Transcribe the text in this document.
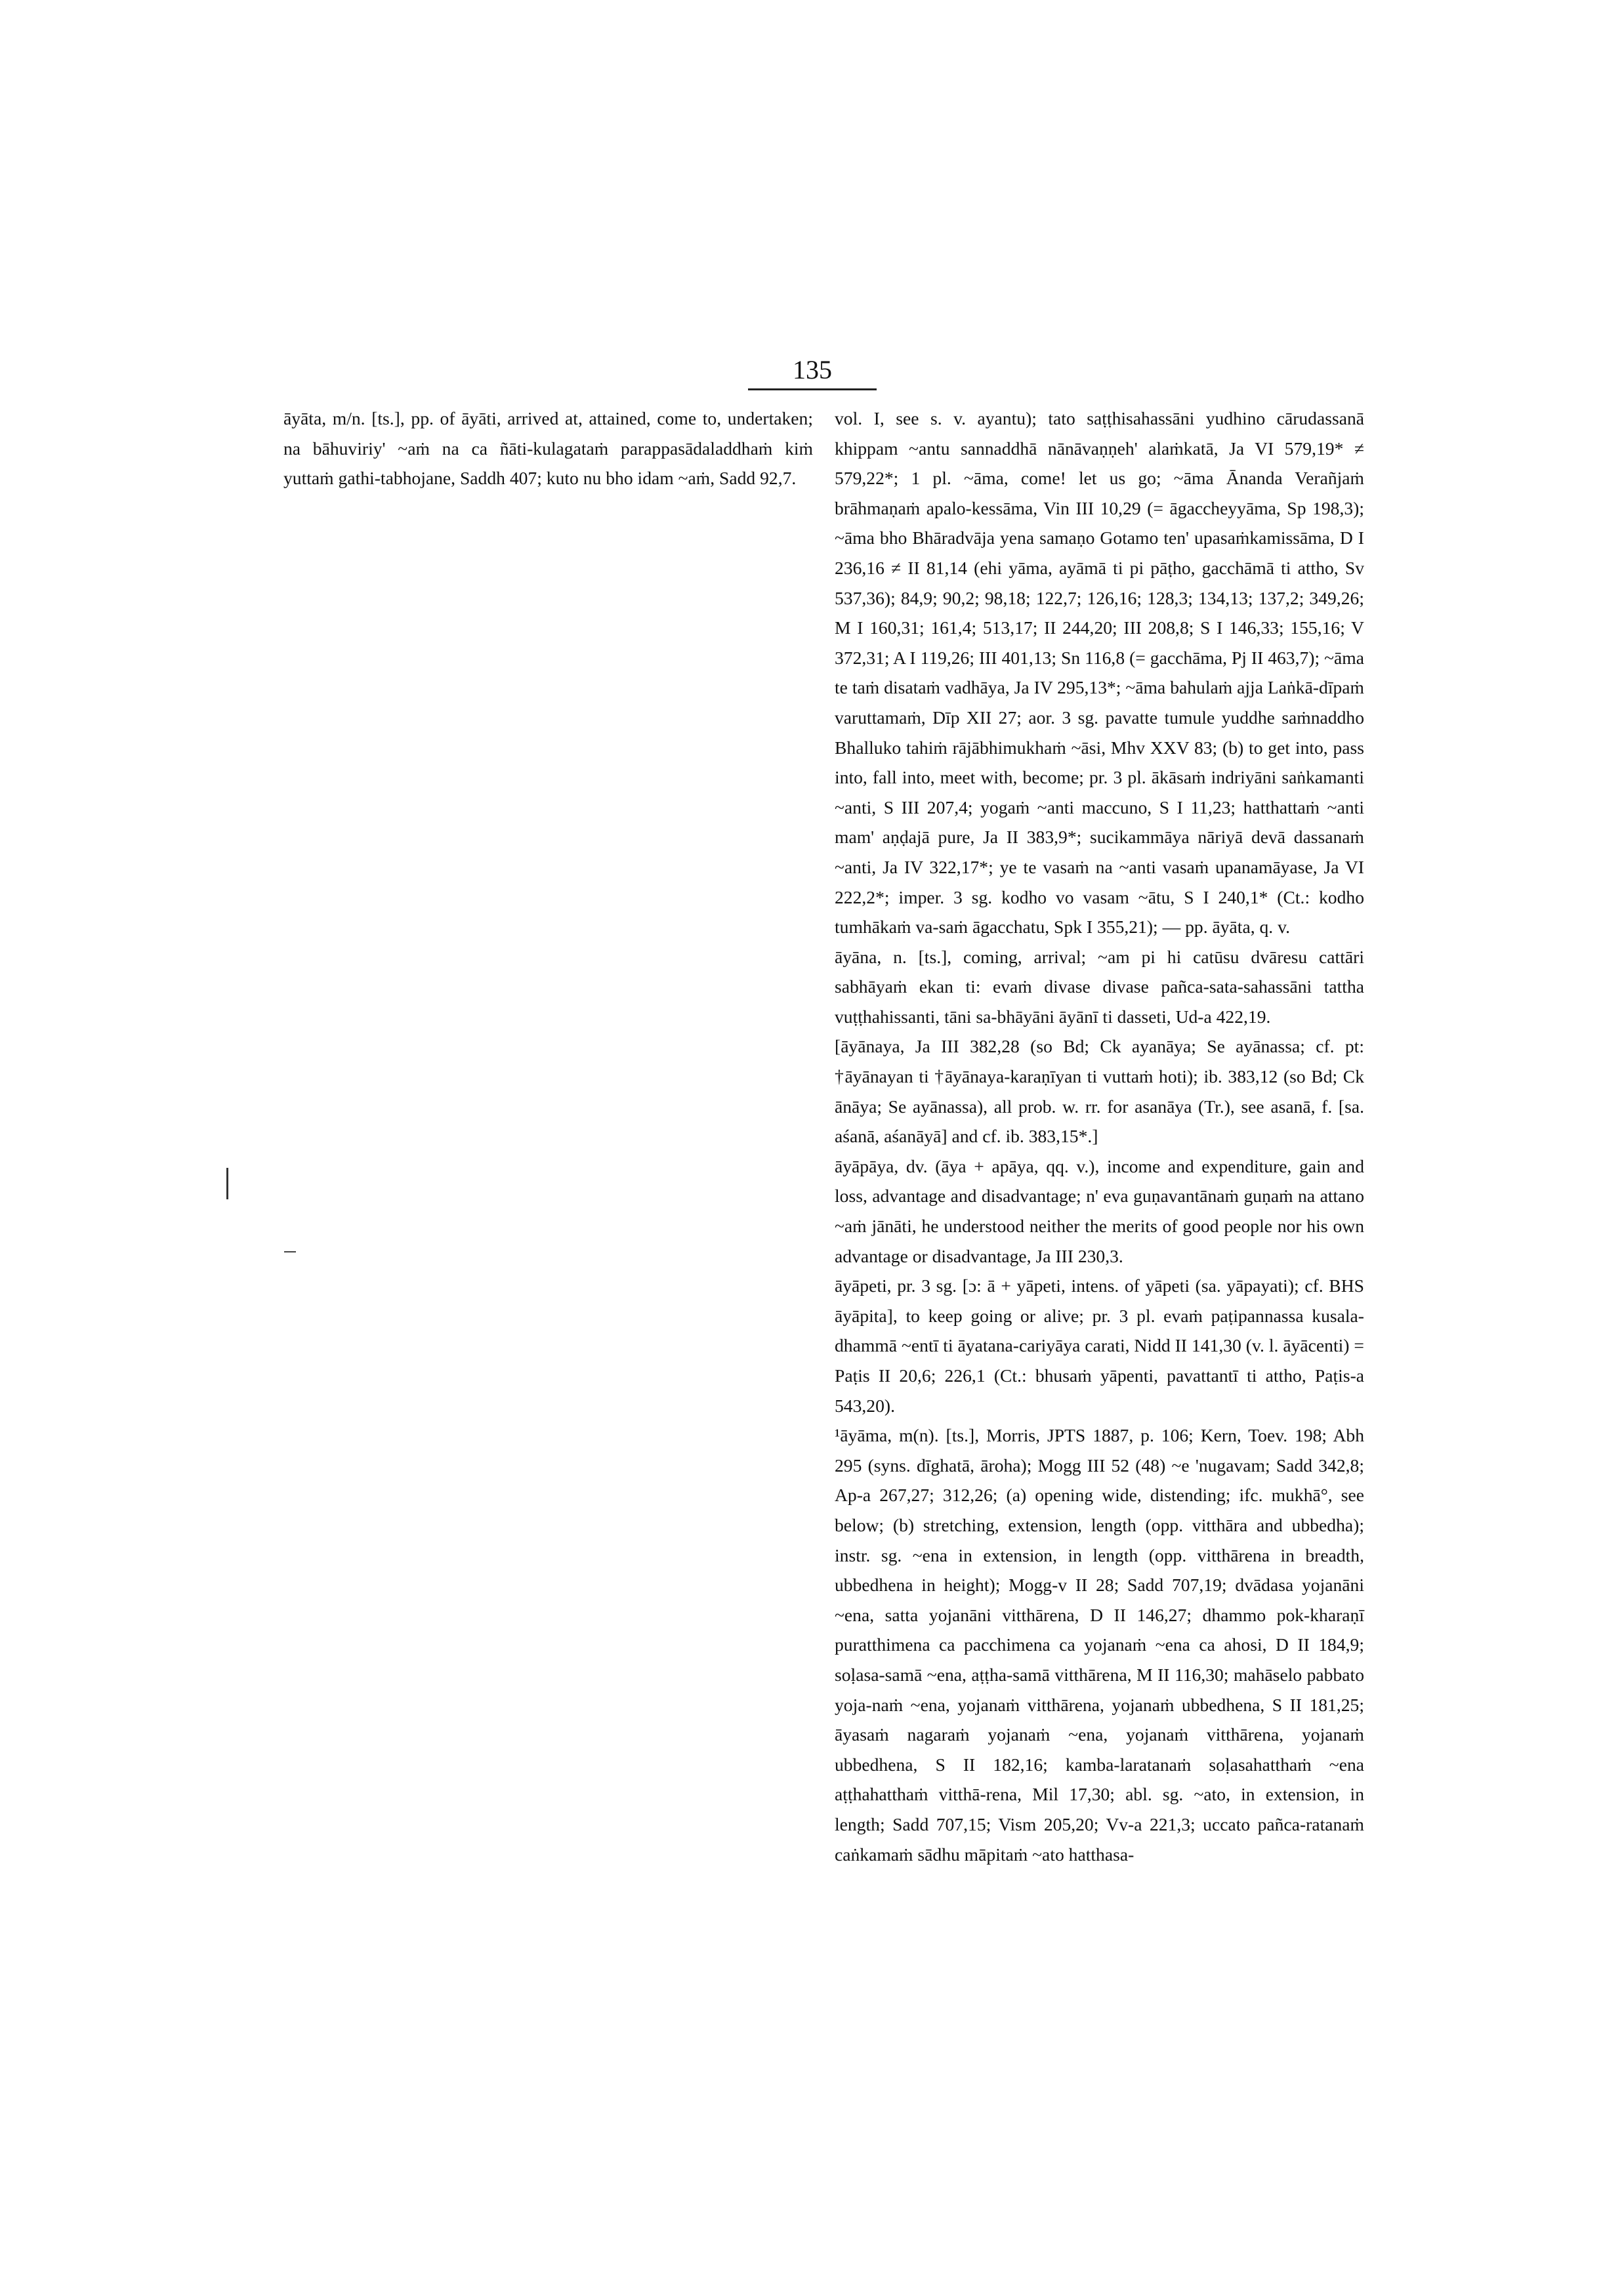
135

āyāta, m/n. [ts.], pp. of āyāti, arrived at, attained, come to, undertaken; na bāhuviriy' ~aṁ na ca ñāti-kulagataṁ parappasādaladdhaṁ kiṁ yuttaṁ gathi-tabhojane, Saddh 407; kuto nu bho idam ~aṁ, Sadd 92,7.

vol. I, see s. v. ayantu); tato saṭṭhisahassāni yudhino cārudassanā khippam ~antu sannaddhā nānāvaṇṇeh' alaṁkatā, Ja VI 579,19* ≠ 579,22*; 1 pl. ~āma, come! let us go; ~āma Ānanda Verañjaṁ brāhmaṇaṁ apalo-kessāma, Vin III 10,29 (= āgaccheyyāma, Sp 198,3); ~āma bho Bhāradvāja yena samaṇo Gotamo ten' upasaṁkamissāma, D I 236,16 ≠ II 81,14 (ehi yāma, ayāmā ti pi pāṭho, gacchāmā ti attho, Sv 537,36); 84,9; 90,2; 98,18; 122,7; 126,16; 128,3; 134,13; 137,2; 349,26; M I 160,31; 161,4; 513,17; II 244,20; III 208,8; S I 146,33; 155,16; V 372,31; A I 119,26; III 401,13; Sn 116,8 (= gacchāma, Pj II 463,7); ~āma te taṁ disataṁ vadhāya, Ja IV 295,13*; ~āma bahulaṁ ajja Laṅkā-dīpaṁ varuttamaṁ, Dīp XII 27; aor. 3 sg. pavatte tumule yuddhe saṁnaddho Bhalluko tahiṁ rājābhimukhaṁ ~āsi, Mhv XXV 83; (b) to get into, pass into, fall into, meet with, become; pr. 3 pl. ākāsaṁ indriyāni saṅkamanti ~anti, S III 207,4; yogaṁ ~anti maccuno, S I 11,23; hatthattaṁ ~anti mam' aṇḍajā pure, Ja II 383,9*; sucikammāya nāriyā devā dassanaṁ ~anti, Ja IV 322,17*; ye te vasaṁ na ~anti vasaṁ upanamāyase, Ja VI 222,2*; imper. 3 sg. kodho vo vasam ~ātu, S I 240,1* (Ct.: kodho tumhākaṁ va-saṁ āgacchatu, Spk I 355,21); — pp. āyāta, q. v.

āyāna, n. [ts.], coming, arrival; ~am pi hi catūsu dvāresu cattāri sabhāyaṁ ekan ti: evaṁ divase divase pañca-sata-sahassāni tattha vuṭṭhahissanti, tāni sa-bhāyāni āyānī ti dasseti, Ud-a 422,19.

[āyānaya, Ja III 382,28 (so Bd; Ck ayanāya; Se ayānassa; cf. pt: †āyānayan ti †āyānaya-karaṇīyan ti vuttaṁ hoti); ib. 383,12 (so Bd; Ck ānāya; Se ayānassa), all prob. w. rr. for asanāya (Tr.), see asanā, f. [sa. aśanā, aśanāyā] and cf. ib. 383,15*.]

āyāpāya, dv. (āya + apāya, qq. v.), income and expenditure, gain and loss, advantage and disadvantage; n' eva guṇavantānaṁ guṇaṁ na attano ~aṁ jānāti, he understood neither the merits of good people nor his own advantage or disadvantage, Ja III 230,3.

āyāpeti, pr. 3 sg. [ɔ: ā + yāpeti, intens. of yāpeti (sa. yāpayati); cf. BHS āyāpita], to keep going or alive; pr. 3 pl. evaṁ paṭipannassa kusala-dhammā ~entī ti āyatana-cariyāya carati, Nidd II 141,30 (v. l. āyācenti) = Paṭis II 20,6; 226,1 (Ct.: bhusaṁ yāpenti, pavattantī ti attho, Paṭis-a 543,20).

¹āyāma, m(n). [ts.], Morris, JPTS 1887, p. 106; Kern, Toev. 198; Abh 295 (syns. dīghatā, āroha); Mogg III 52 (48) ~e 'nugavam; Sadd 342,8; Ap-a 267,27; 312,26; (a) opening wide, distending; ifc. mukhā°, see below; (b) stretching, extension, length (opp. vitthāra and ubbedha); instr. sg. ~ena in extension, in length (opp. vitthārena in breadth, ubbedhena in height); Mogg-v II 28; Sadd 707,19; dvādasa yojanāni ~ena, satta yojanāni vitthārena, D II 146,27; dhammo pok-kharaṇī puratthimena ca pacchimena ca yojanaṁ ~ena ca ahosi, D II 184,9; soḷasa-samā ~ena, aṭṭha-samā vitthārena, M II 116,30; mahāselo pabbato yoja-naṁ ~ena, yojanaṁ vitthārena, yojanaṁ ubbedhena, S II 181,25; āyasaṁ nagaraṁ yojanaṁ ~ena, yojanaṁ vitthārena, yojanaṁ ubbedhena, S II 182,16; kamba-laratanaṁ soḷasahatthaṁ ~ena aṭṭhahatthaṁ vitthā-rena, Mil 17,30; abl. sg. ~ato, in extension, in length; Sadd 707,15; Vism 205,20; Vv-a 221,3; uccato pañca-ratanaṁ caṅkamaṁ sādhu māpitaṁ ~ato hatthasa-
